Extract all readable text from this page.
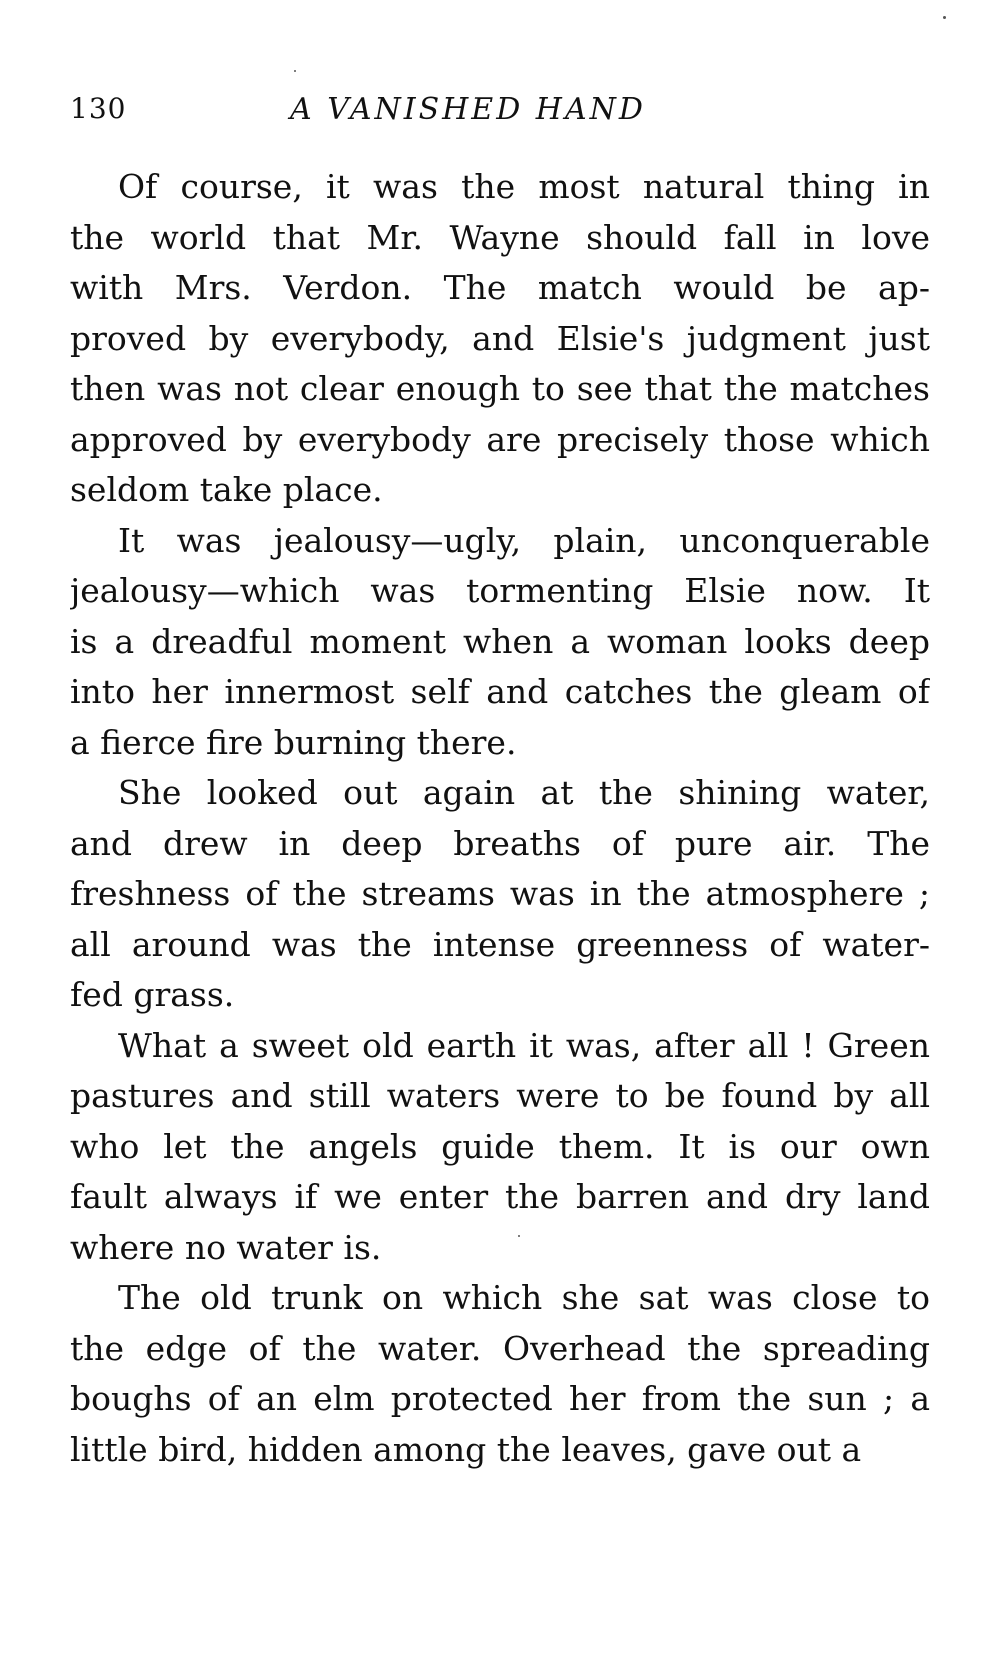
130	A VANISHED HAND
Of course, it was the most natural thing in
the world that Mr. Wayne should fall in love
with Mrs. Verdon. The match would be ap-
proved by everybody, and Elsie's judgment just
then was not clear enough to see that the matches
approved by everybody are precisely those which
seldom take place.
It was jealousy—ugly, plain, unconquerable
jealousy—which was tormenting Elsie now. It
is a dreadful moment when a woman looks deep
into her innermost self and catches the gleam of
a fierce fire burning there.
She looked out again at the shining water,
and drew in deep breaths of pure air. The
freshness of the streams was in the atmosphere ;
all around was the intense greenness of water-
fed grass.
What a sweet old earth it was, after all ! Green
pastures and still waters were to be found by all
who let the angels guide them. It is our own
fault always if we enter the barren and dry land
where no water is.
The old trunk on which she sat was close to
the edge of the water. Overhead the spreading
boughs of an elm protected her from the sun ; a
little bird, hidden among the leaves, gave out a
